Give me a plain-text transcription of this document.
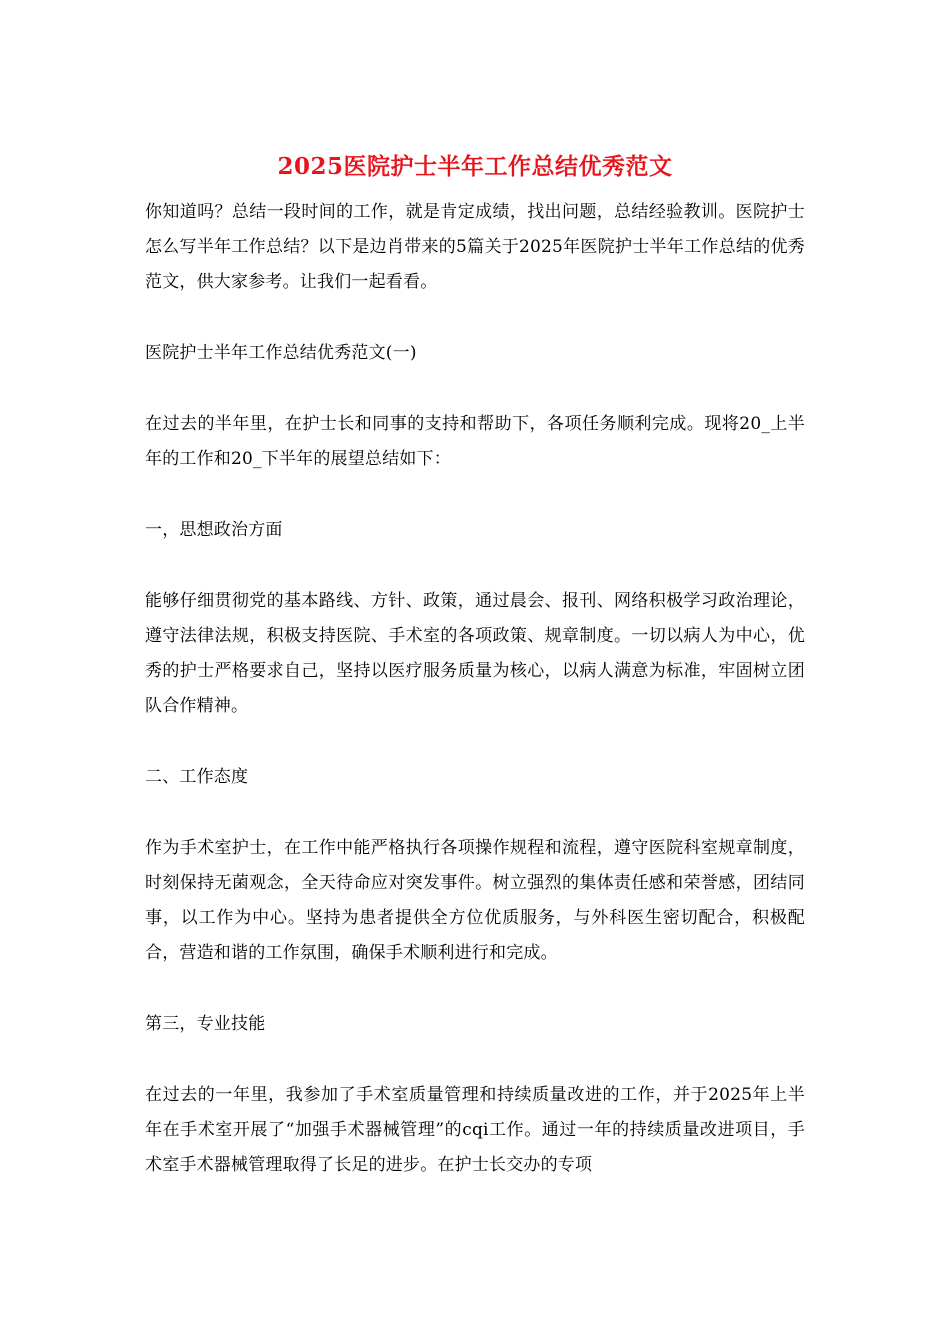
2025医院护士半年工作总结优秀范文

你知道吗？总结一段时间的工作，就是肯定成绩，找出问题，总结经验教训。医院护士怎么写半年工作总结？以下是边肖带来的5篇关于2025年医院护士半年工作总结的优秀范文，供大家参考。让我们一起看看。

医院护士半年工作总结优秀范文(一)

在过去的半年里，在护士长和同事的支持和帮助下，各项任务顺利完成。现将20_上半年的工作和20_下半年的展望总结如下：

一，思想政治方面

能够仔细贯彻党的基本路线、方针、政策，通过晨会、报刊、网络积极学习政治理论，遵守法律法规，积极支持医院、手术室的各项政策、规章制度。一切以病人为中心，优秀的护士严格要求自己，坚持以医疗服务质量为核心，以病人满意为标准，牢固树立团队合作精神。

二、工作态度

作为手术室护士，在工作中能严格执行各项操作规程和流程，遵守医院科室规章制度，时刻保持无菌观念，全天待命应对突发事件。树立强烈的集体责任感和荣誉感，团结同事，以工作为中心。坚持为患者提供全方位优质服务，与外科医生密切配合，积极配合，营造和谐的工作氛围，确保手术顺利进行和完成。

第三，专业技能

在过去的一年里，我参加了手术室质量管理和持续质量改进的工作，并于2025年上半年在手术室开展了“加强手术器械管理”的cqi工作。通过一年的持续质量改进项目，手术室手术器械管理取得了长足的进步。在护士长交办的专项
